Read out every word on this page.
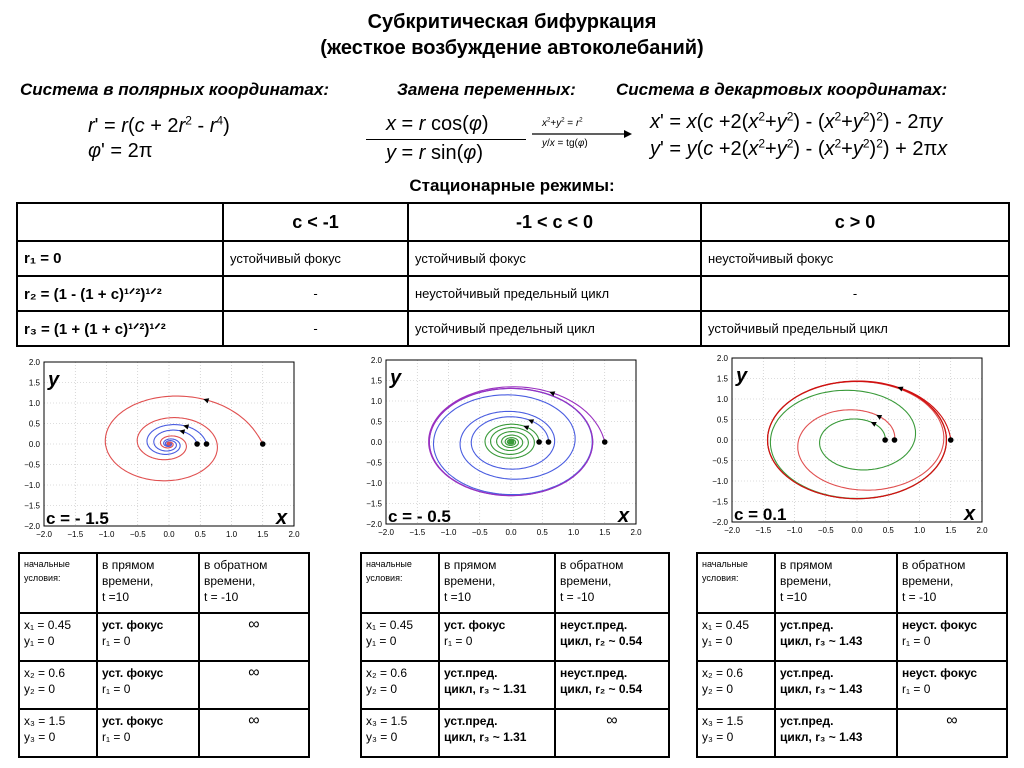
Субкритическая бифуркация
(жесткое возбуждение автоколебаний)
Система в полярных координатах:	Замена переменных: Система в декартовых координатах:
$r' = r(c + 2r^2 - r^4)$
φ' = 2π
x = r cos(φ)
y = r sin(φ)
$x^2+y^2 = r^2$
y/x = tg(φ)
$x' = x(c +2(x^2+y^2) - (x^2+y^2)^2) - 2\pi y$
$y' = y(c +2(x^2+y^2) - (x^2+y^2)^2) + 2\pi x$
Стационарные режимы:
	c < -1	-1 < c < 0	c > 0
r₁ = 0	устойчивый фокус	устойчивый фокус	неустойчивый фокус
r₂ = (1 - (1 + c)¹ᐟ²)¹ᐟ²	-	неустойчивый предельный цикл	-
r₃ = (1 + (1 + c)¹ᐟ²)¹ᐟ²	-	устойчивый предельный цикл	устойчивый предельный цикл
−2.0 −1.5 −1.0 −0.5 0.0	0.5	1.0	1.5	2.0
2.0
1.5
1.0
0.5
0.0
−0.5
−1.0
−1.5
−2.0
y
x
c = - 1.5
−2.0 −1.5 −1.0 −0.5 0.0	0.5	1.0	1.5	2.0
2.0
1.5
1.0
0.5
0.0
−0.5
−1.0
−1.5
−2.0
y
x
c = - 0.5
−2.0 −1.5 −1.0 −0.5 0.0	0.5	1.0	1.5	2.0
2.0
1.5
1.0
0.5
0.0
−0.5
−1.0
−1.5
−2.0
y
x
c = 0.1
начальные условия:	в прямом
времени,
t =10	в обратном
времени,
t = -10
x₁ = 0.45
y₁ = 0	уст. фокус
r₁ = 0	∞
x₂ = 0.6
y₂ = 0	уст. фокус
r₁ = 0	∞
x₃ = 1.5
y₃ = 0	уст. фокус
r₁ = 0	∞
начальные условия:	в прямом
времени,
t =10	в обратном
времени,
t = -10
x₁ = 0.45
y₁ = 0	уст. фокус
r₁ = 0	неуст.пред.
цикл, r₂ ~ 0.54
x₂ = 0.6
y₂ = 0	уст.пред.
цикл, r₃ ~ 1.31	неуст.пред.
цикл, r₂ ~ 0.54
x₃ = 1.5
y₃ = 0	уст.пред.
цикл, r₃ ~ 1.31	∞
начальные условия:	в прямом
времени,
t =10	в обратном
времени,
t = -10
x₁ = 0.45
y₁ = 0	уст.пред.
цикл, r₃ ~ 1.43	неуст. фокус
r₁ = 0
x₂ = 0.6
y₂ = 0	уст.пред.
цикл, r₃ ~ 1.43	неуст. фокус
r₁ = 0
x₃ = 1.5
y₃ = 0	уст.пред.
цикл, r₃ ~ 1.43	∞
